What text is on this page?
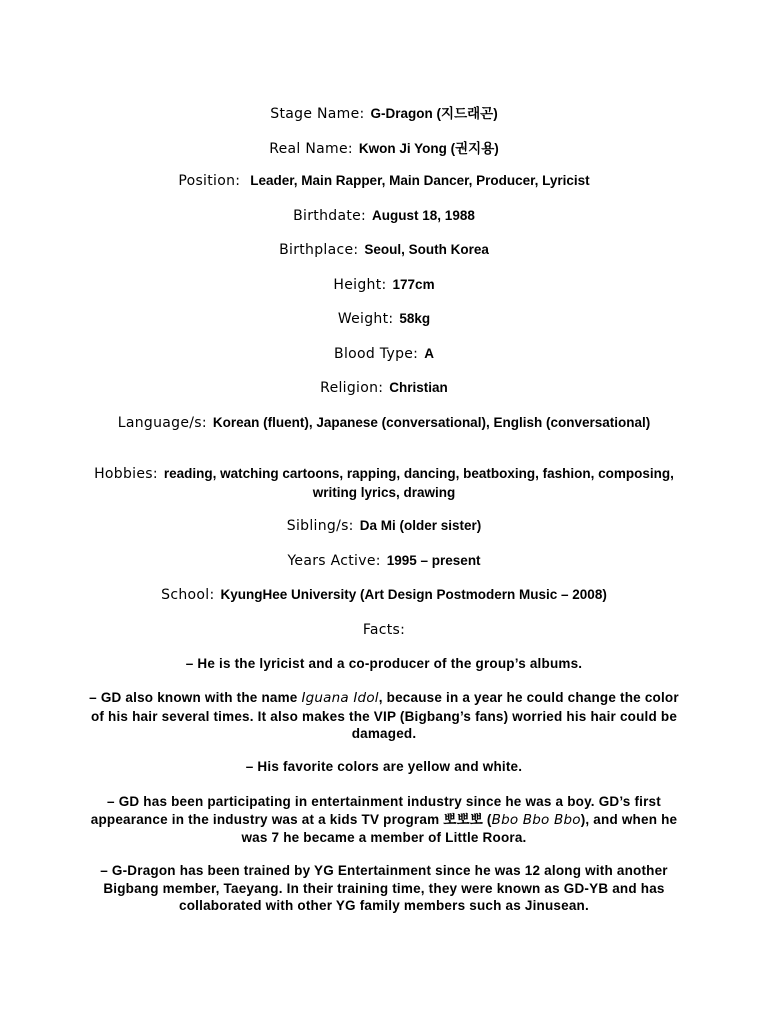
Stage Name: G-Dragon (지드래곤)
Real Name: Kwon Ji Yong (권지용)
Position: Leader, Main Rapper, Main Dancer, Producer, Lyricist
Birthdate: August 18, 1988
Birthplace: Seoul, South Korea
Height: 177cm
Weight: 58kg
Blood Type: A
Religion: Christian
Language/s: Korean (fluent), Japanese (conversational), English (conversational)
Hobbies: reading, watching cartoons, rapping, dancing, beatboxing, fashion, composing, writing lyrics, drawing
Sibling/s: Da Mi (older sister)
Years Active: 1995 – present
School: KyungHee University (Art Design Postmodern Music – 2008)
Facts:
– He is the lyricist and a co-producer of the group’s albums.
– GD also known with the name Iguana Idol, because in a year he could change the color of his hair several times. It also makes the VIP (Bigbang’s fans) worried his hair could be damaged.
– His favorite colors are yellow and white.
– GD has been participating in entertainment industry since he was a boy. GD’s first appearance in the industry was at a kids TV program 뽀뽀뽀 (Bbo Bbo Bbo), and when he was 7 he became a member of Little Roora.
– G-Dragon has been trained by YG Entertainment since he was 12 along with another Bigbang member, Taeyang. In their training time, they were known as GD-YB and has collaborated with other YG family members such as Jinusean.
